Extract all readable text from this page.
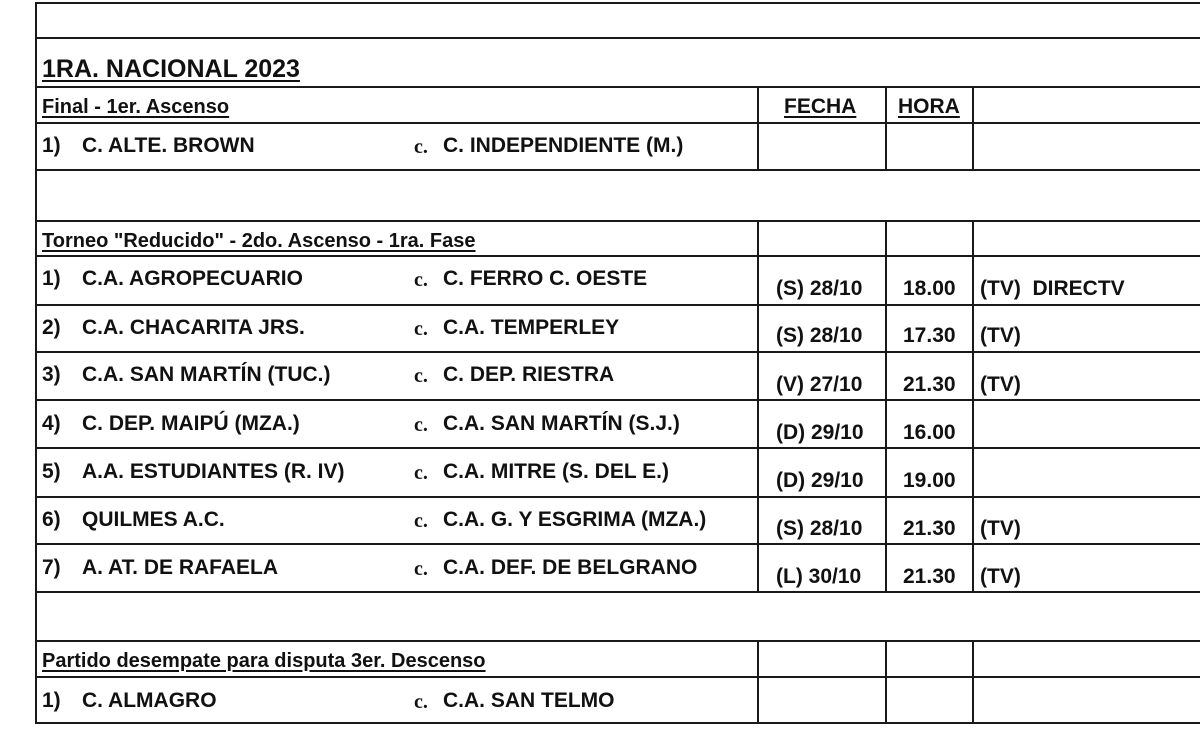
1RA. NACIONAL 2023
Final - 1er. Ascenso	FECHA HORA
1) C. ALTE. BROWN	c. C. INDEPENDIENTE (M.)
Torneo "Reducido" - 2do. Ascenso - 1ra. Fase
1) C.A. AGROPECUARIO	c. C. FERRO C. OESTE	(S) 28/10 18.00 (TV)  DIRECTV
2) C.A. CHACARITA JRS.	c. C.A. TEMPERLEY	(S) 28/10 17.30 (TV)
3) C.A. SAN MARTÍN (TUC.)	c. C. DEP. RIESTRA	(V) 27/10 21.30 (TV)
4) C. DEP. MAIPÚ (MZA.)	c. C.A. SAN MARTÍN (S.J.)	(D) 29/10 16.00
5) A.A. ESTUDIANTES (R. IV)	c. C.A. MITRE (S. DEL E.)	(D) 29/10 19.00
6) QUILMES A.C.	c. C.A. G. Y ESGRIMA (MZA.)	(S) 28/10 21.30 (TV)
7) A. AT. DE RAFAELA	c. C.A. DEF. DE BELGRANO	(L) 30/10 21.30 (TV)
Partido desempate para disputa 3er. Descenso
1) C. ALMAGRO	c. C.A. SAN TELMO
